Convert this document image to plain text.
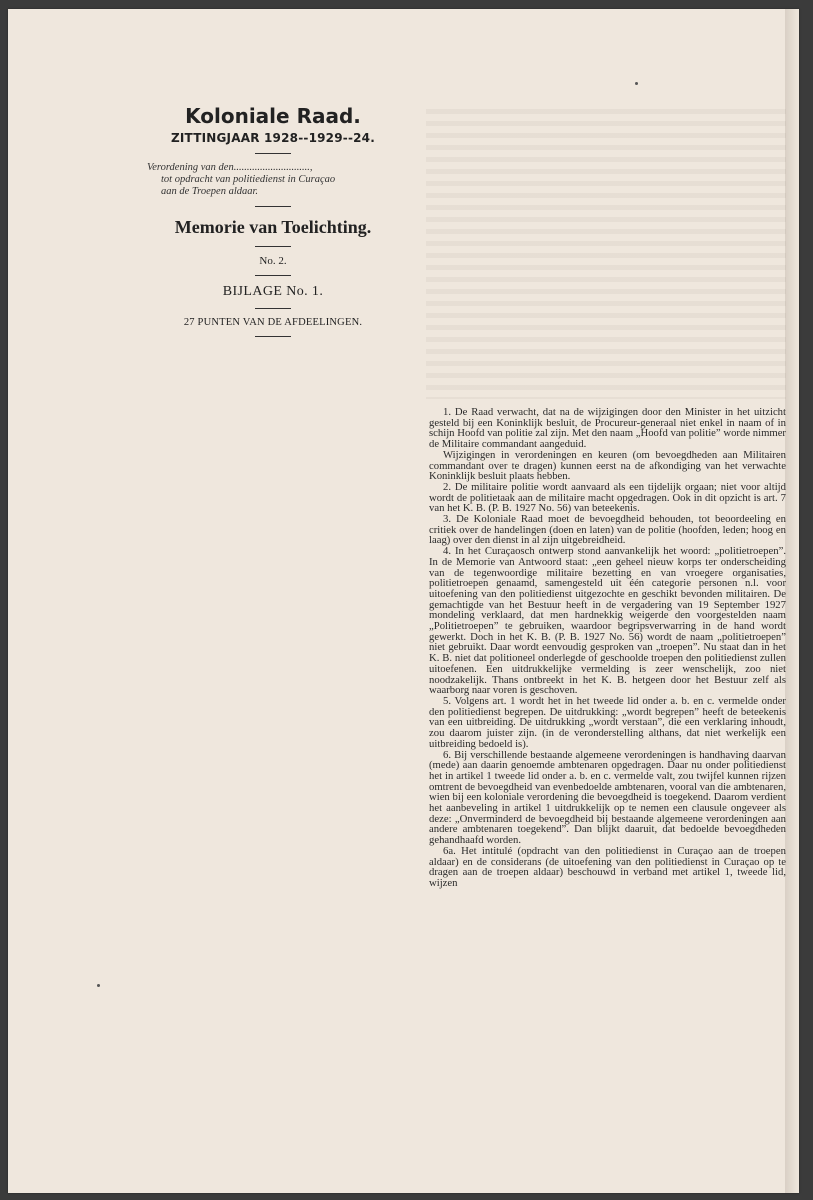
Koloniale Raad.
ZITTINGJAAR 1928--1929--24.
Verordening van den.............................,
tot opdracht van politiedienst in Curaçao
aan de Troepen aldaar.
Memorie van Toelichting.
No. 2.
BIJLAGE No. 1.
27 PUNTEN VAN DE AFDEELINGEN.

1. De Raad verwacht, dat na de wijzigingen door den Minister in het uitzicht gesteld bij een Koninklijk besluit, de Procureur-generaal niet enkel in naam of in schijn Hoofd van politie zal zijn. Met den naam „Hoofd van politie” worde nimmer de Militaire commandant aangeduid.

Wijzigingen in verordeningen en keuren (om bevoegdheden aan Militairen commandant over te dragen) kunnen eerst na de afkondiging van het verwachte Koninklijk besluit plaats hebben.

2. De militaire politie wordt aanvaard als een tijdelijk orgaan; niet voor altijd wordt de politietaak aan de militaire macht opgedragen. Ook in dit opzicht is art. 7 van het K. B. (P. B. 1927 No. 56) van beteekenis.

3. De Koloniale Raad moet de bevoegdheid behouden, tot beoordeeling en critiek over de handelingen (doen en laten) van de politie (hoofden, leden; hoog en laag) over den dienst in al zijn uitgebreidheid.

4. In het Curaçaosch ontwerp stond aanvankelijk het woord: „politietroepen”. In de Memorie van Antwoord staat: „een geheel nieuw korps ter onderscheiding van de tegenwoordige militaire bezetting en van vroegere organisaties, politietroepen genaamd, samengesteld uit één categorie personen n.l. voor uitoefening van den politiedienst uitgezochte en geschikt bevonden militairen. De gemachtigde van het Bestuur heeft in de vergadering van 19 September 1927 mondeling verklaard, dat men hardnekkig weigerde den voorgestelden naam „Politietroepen” te gebruiken, waardoor begripsverwarring in de hand wordt gewerkt. Doch in het K. B. (P. B. 1927 No. 56) wordt de naam „politietroepen” niet gebruikt. Daar wordt eenvoudig gesproken van „troepen”. Nu staat dan in het K. B. niet dat politioneel onderlegde of geschoolde troepen den politiedienst zullen uitoefenen. Een uitdrukkelijke vermelding is zeer wenschelijk, zoo niet noodzakelijk. Thans ontbreekt in het K. B. hetgeen door het Bestuur zelf als waarborg naar voren is geschoven.

5. Volgens art. 1 wordt het in het tweede lid onder a. b. en c. vermelde onder den politiedienst begrepen. De uitdrukking: „wordt begrepen” heeft de beteekenis van een uitbreiding. De uitdrukking „wordt verstaan”, die een verklaring inhoudt, zou daarom juister zijn. (in de veronderstelling althans, dat niet werkelijk een uitbreiding bedoeld is).

6. Bij verschillende bestaande algemeene verordeningen is handhaving daarvan (mede) aan daarin genoemde ambtenaren opgedragen. Daar nu onder politiedienst het in artikel 1 tweede lid onder a. b. en c. vermelde valt, zou twijfel kunnen rijzen omtrent de bevoegdheid van evenbedoelde ambtenaren, vooral van die ambtenaren, wien bij een koloniale verordening die bevoegdheid is toegekend. Daarom verdient het aanbeveling in artikel 1 uitdrukkelijk op te nemen een clausule ongeveer als deze: „Onverminderd de bevoegdheid bij bestaande algemeene verordeningen aan andere ambtenaren toegekend”. Dan blijkt daaruit, dat bedoelde bevoegdheden gehandhaafd worden.

6a. Het intitulé (opdracht van den politiedienst in Curaçao aan de troepen aldaar) en de considerans (de uitoefening van den politiedienst in Curaçao op te dragen aan de troepen aldaar) beschouwd in verband met artikel 1, tweede lid, wijzen
